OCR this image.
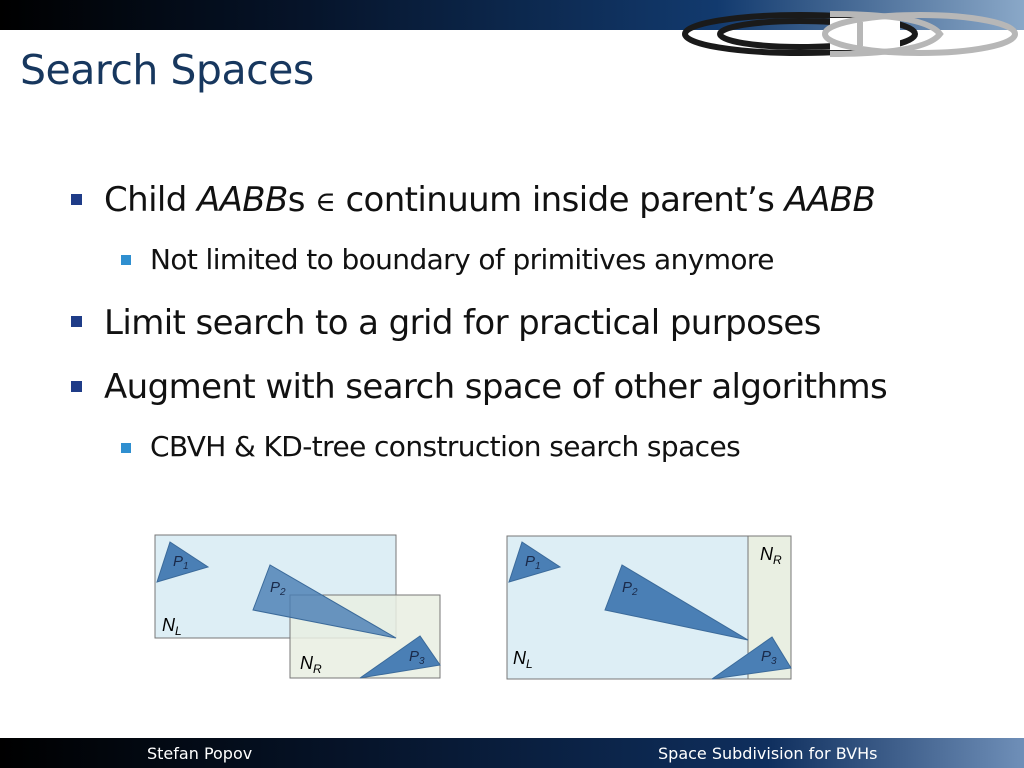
Search Spaces
Child AABBs ∈ continuum inside parent’s AABB
Not limited to boundary of primitives anymore
Limit search to a grid for practical purposes
Augment with search space of other algorithms
CBVH & KD-tree construction search spaces
$P_1$
$P_2$
$P_3$
$N_L$
$N_R$
$P_1$
$P_2$
$P_3$
$N_L$
$N_R$
Stefan Popov	Space Subdivision for BVHs
